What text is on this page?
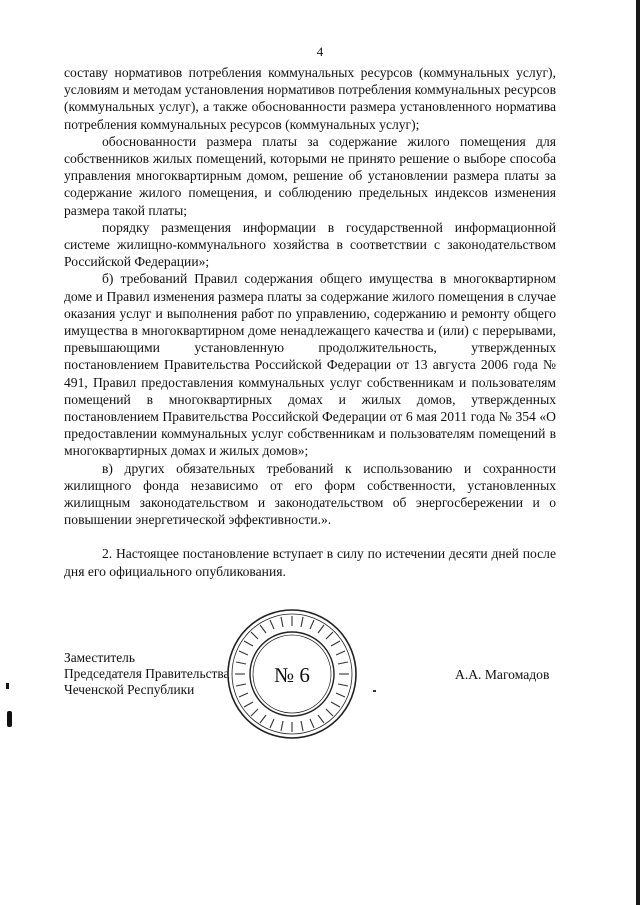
4

составу нормативов потребления коммунальных ресурсов (коммунальных услуг), условиям и методам установления нормативов потребления коммунальных ресурсов (коммунальных услуг), а также обоснованности размера установленного норматива потребления коммунальных ресурсов (коммунальных услуг);

обоснованности размера платы за содержание жилого помещения для собственников жилых помещений, которыми не принято решение о выборе способа управления многоквартирным домом, решение об установлении размера платы за содержание жилого помещения, и соблюдению предельных индексов изменения размера такой платы;

порядку размещения информации в государственной информационной системе жилищно-коммунального хозяйства в соответствии с законодательством Российской Федерации»;

б) требований Правил содержания общего имущества в многоквартирном доме и Правил изменения размера платы за содержание жилого помещения в случае оказания услуг и выполнения работ по управлению, содержанию и ремонту общего имущества в многоквартирном доме ненадлежащего качества и (или) с перерывами, превышающими установленную продолжительность, утвержденных постановлением Правительства Российской Федерации от 13 августа 2006 года № 491, Правил предоставления коммунальных услуг собственникам и пользователям помещений в многоквартирных домах и жилых домов, утвержденных постановлением Правительства Российской Федерации от 6 мая 2011 года № 354 «О предоставлении коммунальных услуг собственникам и пользователям помещений в многоквартирных домах и жилых домов»;

в) других обязательных требований к использованию и сохранности жилищного фонда независимо от его форм собственности, установленных жилищным законодательством и законодательством об энергосбережении и о повышении энергетической эффективности.».

2. Настоящее постановление вступает в силу по истечении десяти дней после дня его официального опубликования.

Заместитель
Председателя Правительства
Чеченской Республики
А.А. Магомадов
№ 6
